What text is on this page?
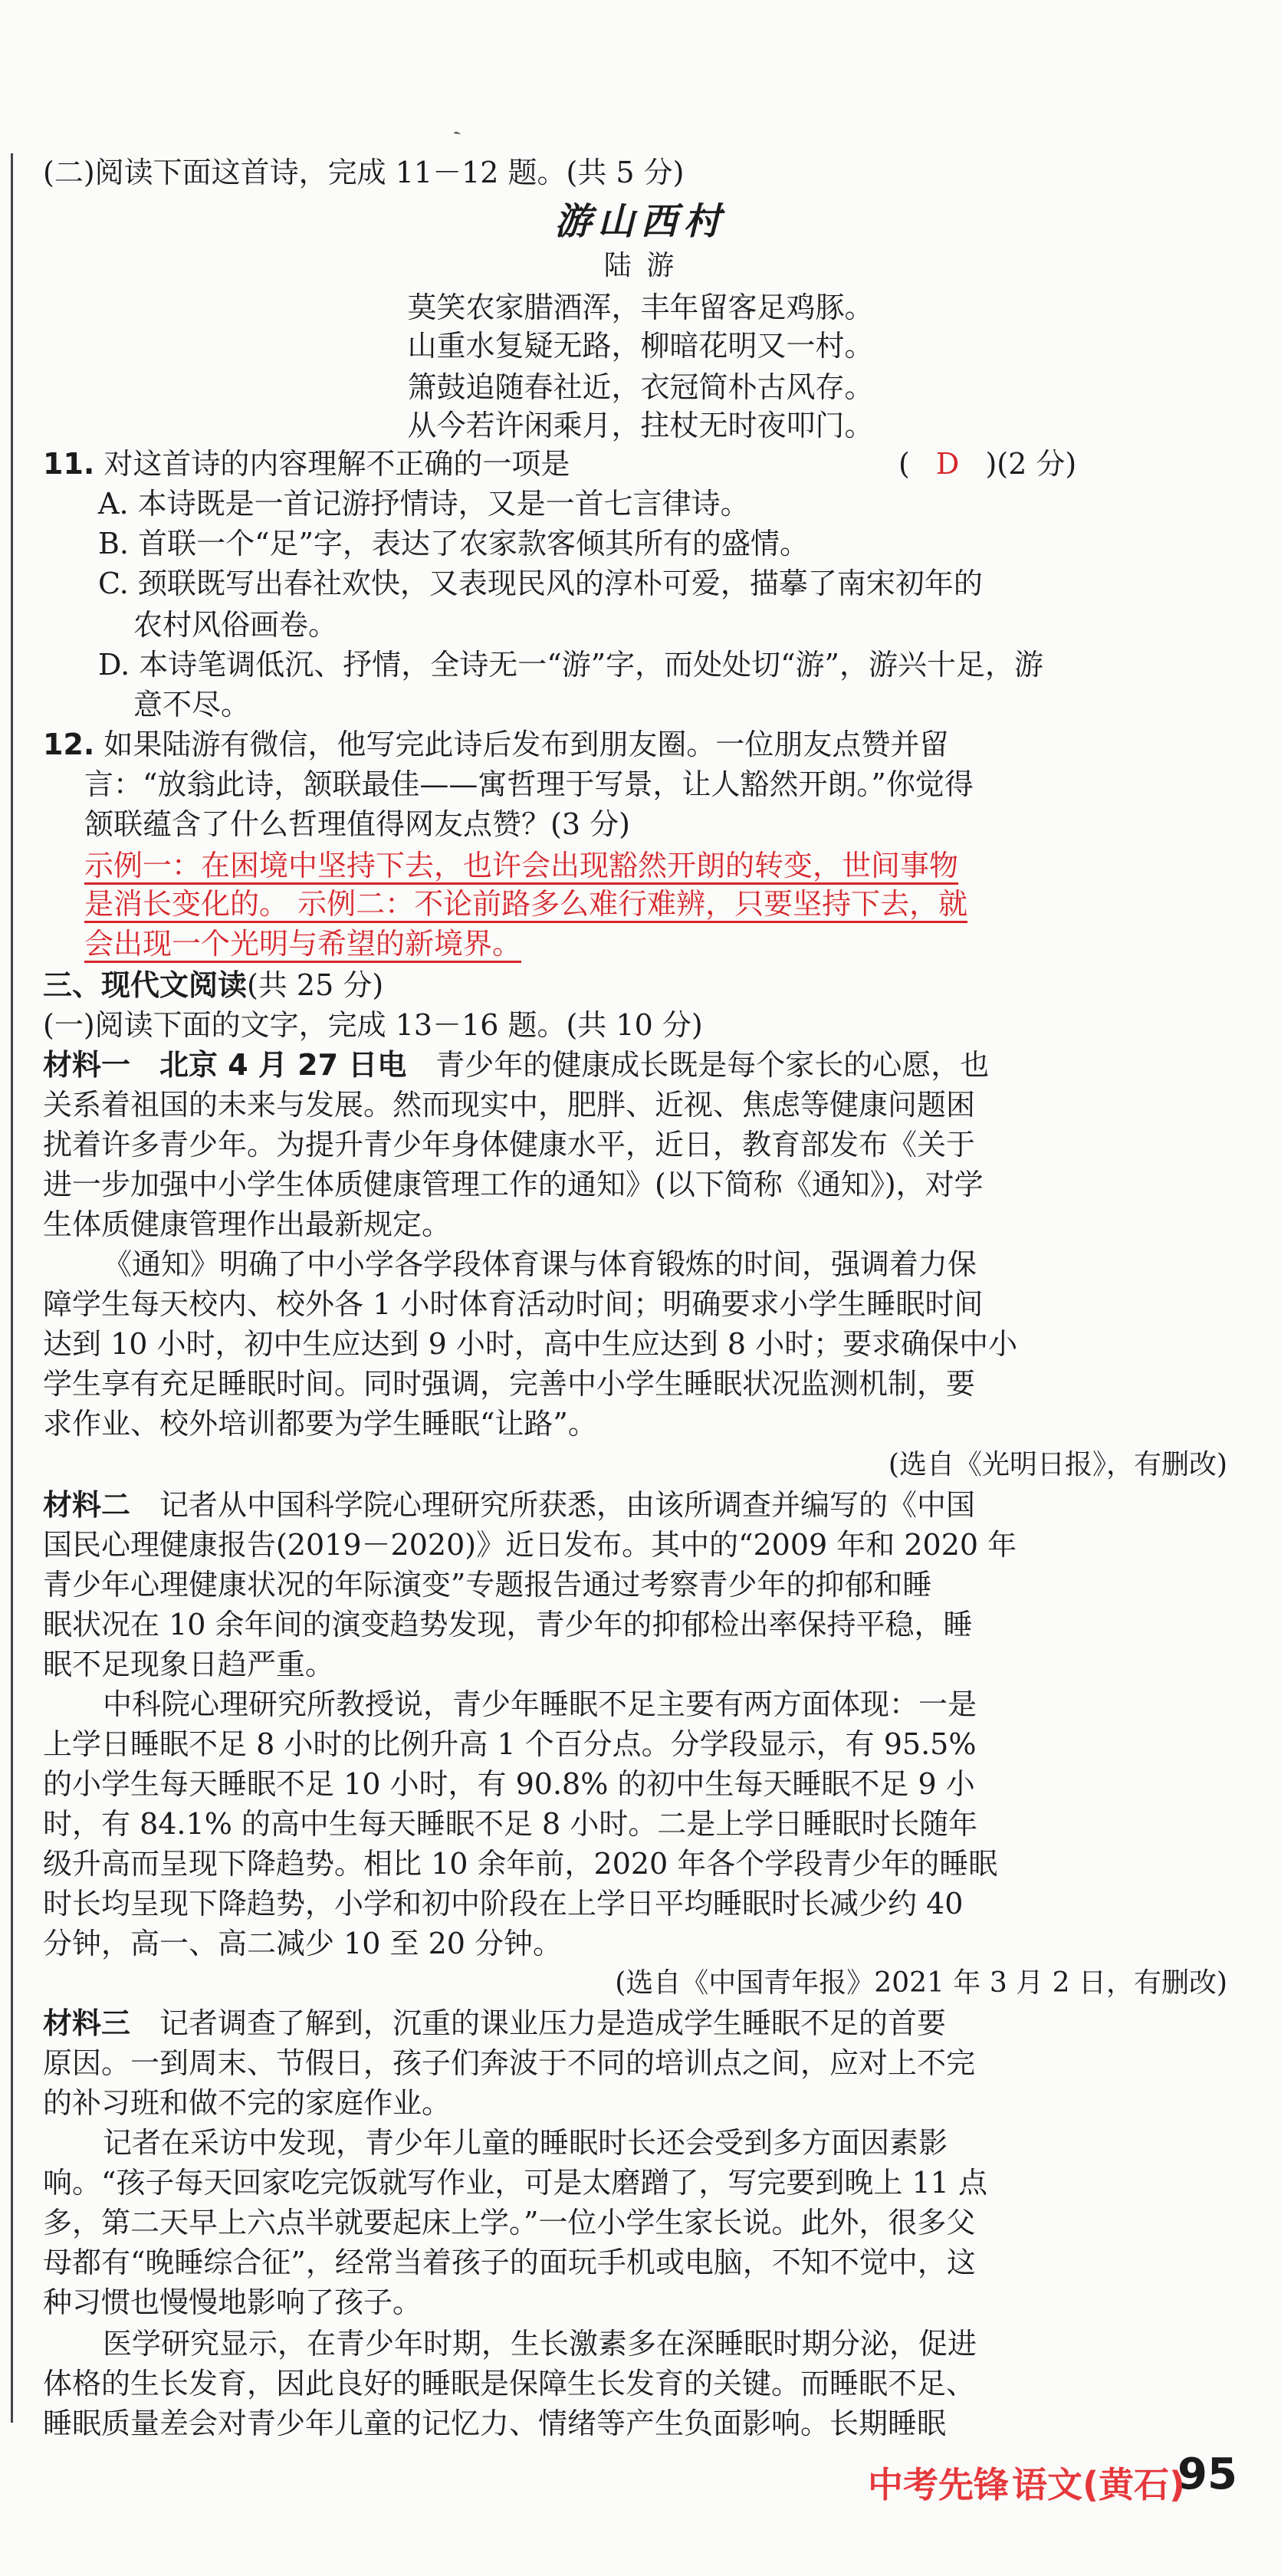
ˏ
(二)阅读下面这首诗，完成 11－12 题。(共 5 分)
游山西村
陆 游
莫笑农家腊酒浑，丰年留客足鸡豚。
山重水复疑无路，柳暗花明又一村。
箫鼓追随春社近，衣冠简朴古风存。
从今若许闲乘月，拄杖无时夜叩门。
11. 对这首诗的内容理解不正确的一项是	( D )(2 分)
A. 本诗既是一首记游抒情诗，又是一首七言律诗。
B. 首联一个“足”字，表达了农家款客倾其所有的盛情。
C. 颈联既写出春社欢快，又表现民风的淳朴可爱，描摹了南宋初年的
农村风俗画卷。
D. 本诗笔调低沉、抒情，全诗无一“游”字，而处处切“游”，游兴十足，游
意不尽。
12. 如果陆游有微信，他写完此诗后发布到朋友圈。一位朋友点赞并留
言：“放翁此诗，颔联最佳——寓哲理于写景，让人豁然开朗。”你觉得
颔联蕴含了什么哲理值得网友点赞？(3 分)
示例一：在困境中坚持下去，也许会出现豁然开朗的转变，世间事物
是消长变化的。 示例二：不论前路多么难行难辨，只要坚持下去，就
会出现一个光明与希望的新境界。
三、现代文阅读(共 25 分)
(一)阅读下面的文字，完成 13－16 题。(共 10 分)
材料一  北京 4 月 27 日电  青少年的健康成长既是每个家长的心愿，也
关系着祖国的未来与发展。然而现实中，肥胖、近视、焦虑等健康问题困
扰着许多青少年。为提升青少年身体健康水平，近日，教育部发布《关于
进一步加强中小学生体质健康管理工作的通知》(以下简称《通知》)，对学
生体质健康管理作出最新规定。
《通知》明确了中小学各学段体育课与体育锻炼的时间，强调着力保
障学生每天校内、校外各 1 小时体育活动时间；明确要求小学生睡眠时间
达到 10 小时，初中生应达到 9 小时，高中生应达到 8 小时；要求确保中小
学生享有充足睡眠时间。同时强调，完善中小学生睡眠状况监测机制，要
求作业、校外培训都要为学生睡眠“让路”。
(选自《光明日报》，有删改)
材料二  记者从中国科学院心理研究所获悉，由该所调查并编写的《中国
国民心理健康报告(2019－2020)》近日发布。其中的“2009 年和 2020 年
青少年心理健康状况的年际演变”专题报告通过考察青少年的抑郁和睡
眠状况在 10 余年间的演变趋势发现，青少年的抑郁检出率保持平稳，睡
眠不足现象日趋严重。
中科院心理研究所教授说，青少年睡眠不足主要有两方面体现：一是
上学日睡眠不足 8 小时的比例升高 1 个百分点。分学段显示，有 95.5%
的小学生每天睡眠不足 10 小时，有 90.8% 的初中生每天睡眠不足 9 小
时，有 84.1% 的高中生每天睡眠不足 8 小时。二是上学日睡眠时长随年
级升高而呈现下降趋势。相比 10 余年前，2020 年各个学段青少年的睡眠
时长均呈现下降趋势，小学和初中阶段在上学日平均睡眠时长减少约 40
分钟，高一、高二减少 10 至 20 分钟。
(选自《中国青年报》2021 年 3 月 2 日，有删改)
材料三  记者调查了解到，沉重的课业压力是造成学生睡眠不足的首要
原因。一到周末、节假日，孩子们奔波于不同的培训点之间，应对上不完
的补习班和做不完的家庭作业。
记者在采访中发现，青少年儿童的睡眠时长还会受到多方面因素影
响。“孩子每天回家吃完饭就写作业，可是太磨蹭了，写完要到晚上 11 点
多，第二天早上六点半就要起床上学。”一位小学生家长说。此外，很多父
母都有“晚睡综合征”，经常当着孩子的面玩手机或电脑，不知不觉中，这
种习惯也慢慢地影响了孩子。
医学研究显示，在青少年时期，生长激素多在深睡眠时期分泌，促进
体格的生长发育，因此良好的睡眠是保障生长发育的关键。而睡眠不足、
睡眠质量差会对青少年儿童的记忆力、情绪等产生负面影响。长期睡眠
中考先锋 语文(黄石)
95
